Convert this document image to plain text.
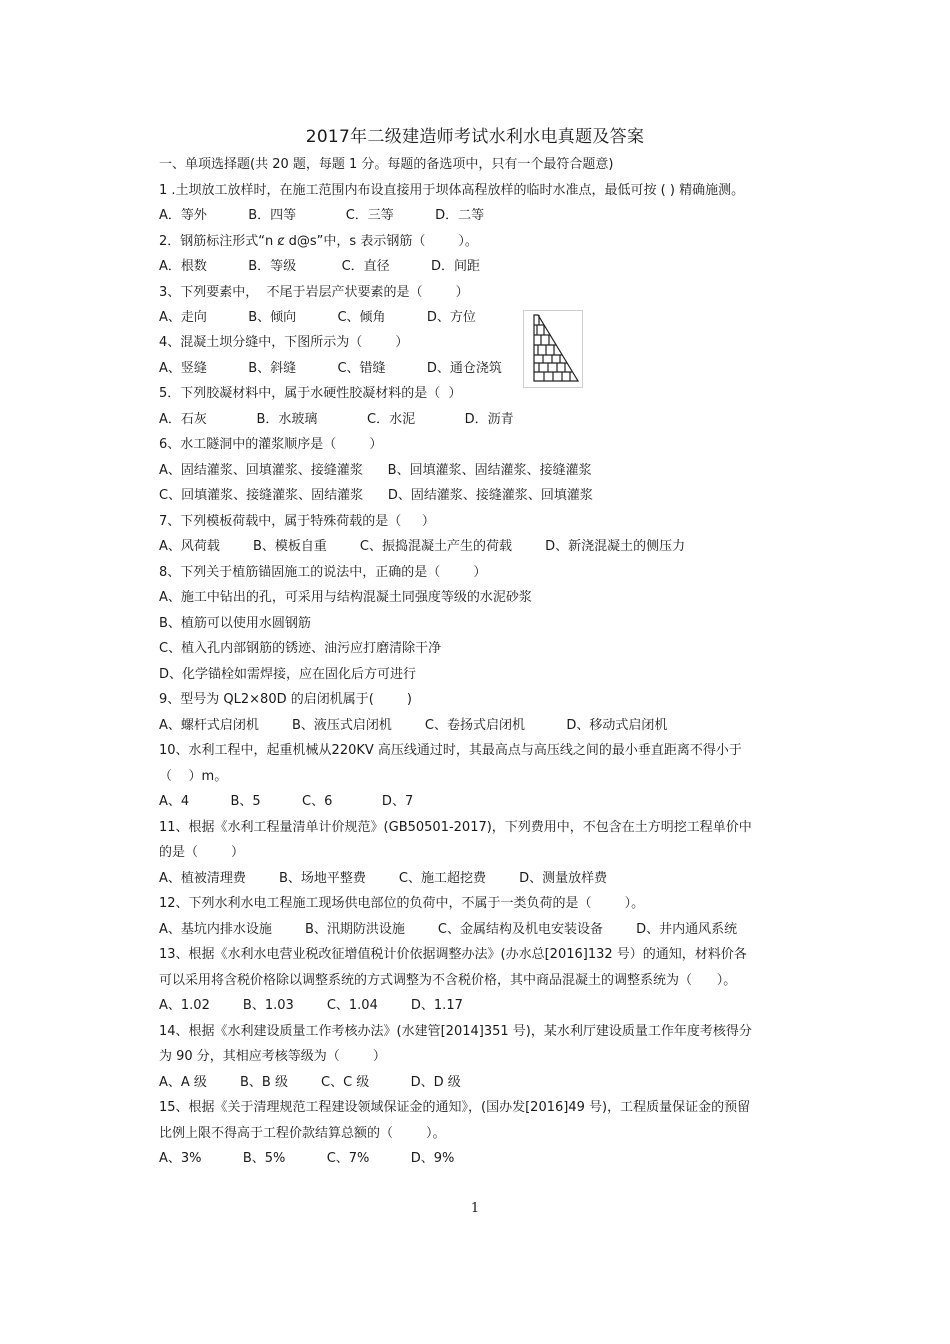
2017年二级建造师考试水利水电真题及答案
一、单项选择题(共 20 题，每题 1 分。每题的备选项中，只有一个最符合题意)
1 .土坝放工放样时，在施工范围内布设直接用于坝体高程放样的临时水准点，最低可按 ( ) 精确施测。
A．等外          B．四等            C．三等          D．二等
2．钢筋标注形式“n ȼ d@s”中，s 表示钢筋（        ）。
A．根数          B．等级           C．直径          D．间距
3、下列要素中，  不尾于岩层产状要素的是（        ）
A、走向          B、倾向          C、倾角          D、方位
4、混凝土坝分缝中，下图所示为（        ）
A、竖缝          B、斜缝          C、错缝          D、通仓浇筑
5．下列胶凝材料中，属于水硬性胶凝材料的是（  ）
A．石灰            B．水玻璃            C．水泥            D．沥青
6、水工隧洞中的灌浆顺序是（        ）
A、固结灌浆、回填灌浆、接缝灌浆      B、回填灌浆、固结灌浆、接缝灌浆
C、回填灌浆、接缝灌浆、固结灌浆      D、固结灌浆、接缝灌浆、回填灌浆
7、下列模板荷载中，属于特殊荷载的是（     ）
A、风荷载        B、模板自重        C、振捣混凝土产生的荷载        D、新浇混凝土的侧压力
8、下列关于植筋锚固施工的说法中，正确的是（        ）
A、施工中钻出的孔，可采用与结构混凝土同强度等级的水泥砂浆
B、植筋可以使用水圆钢筋
C、植入孔内部钢筋的锈迹、油污应打磨清除干净
D、化学锚栓如需焊接，应在固化后方可进行
9、型号为 QL2×80D 的启闭机属于(        )
A、螺杆式启闭机        B、液压式启闭机        C、卷扬式启闭机          D、移动式启闭机
10、水利工程中，起重机械从220KV 高压线通过时，其最高点与高压线之间的最小垂直距离不得小于
（    ）m。
A、4          B、5          C、6            D、7
11、根据《水利工程量清单计价规范》(GB50501-2017)，下列费用中，不包含在土方明挖工程单价中
的是（        ）
A、植被清理费        B、场地平整费        C、施工超挖费        D、测量放样费
12、下列水利水电工程施工现场供电部位的负荷中，不属于一类负荷的是（        ）。
A、基坑内排水设施        B、汛期防洪设施        C、金属结构及机电安装设备        D、井内通风系统
13、根据《水利水电营业税改征增值税计价依据调整办法》(办水总[2016]132 号）的通知，材料价各
可以采用将含税价格除以调整系统的方式调整为不含税价格，其中商品混凝土的调整系统为（      ）。
A、1.02        B、1.03        C、1.04        D、1.17
14、根据《水利建设质量工作考核办法》(水建管[2014]351 号)，某水利厅建设质量工作年度考核得分
为 90 分，其相应考核等级为（        ）
A、A 级        B、B 级        C、C 级          D、D 级
15、根据《关于清理规范工程建设领域保证金的通知》，(国办发[2016]49 号)，工程质量保证金的预留
比例上限不得高于工程价款结算总额的（        ）。
A、3%          B、5%          C、7%          D、9%
1
